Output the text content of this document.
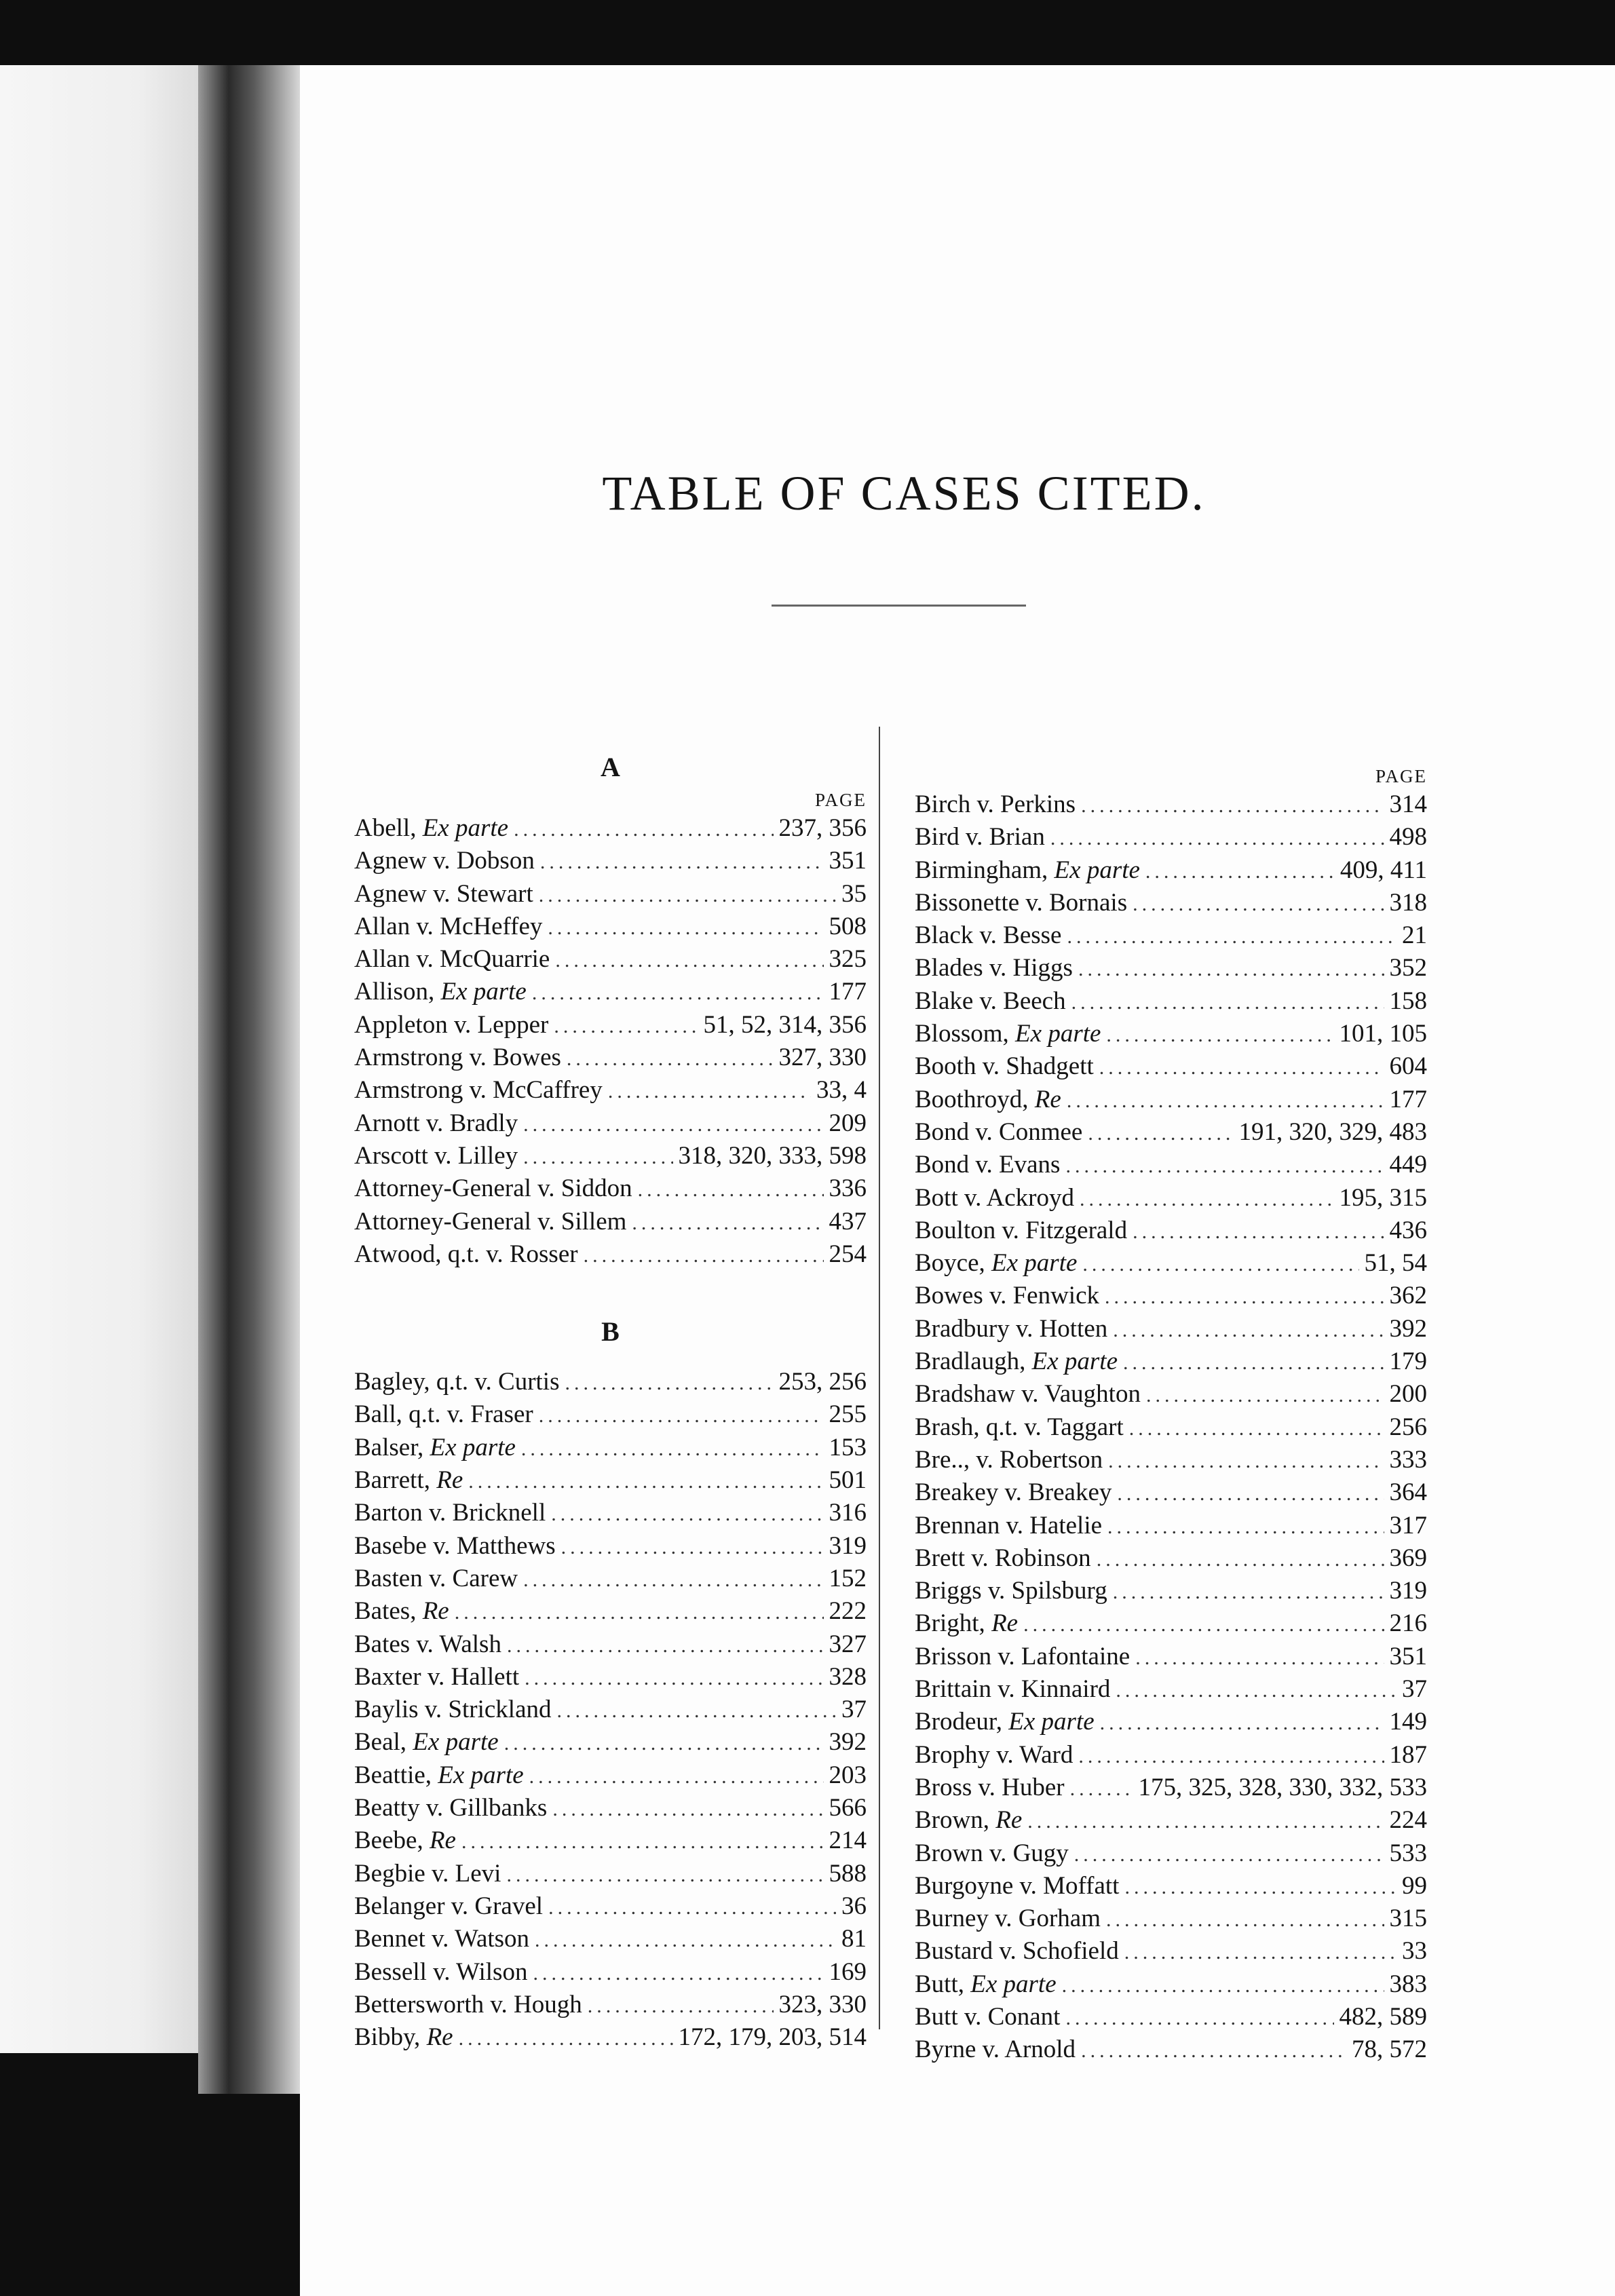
TABLE OF CASES CITED.
A
PAGE
Abell, Ex parte .....	237, 356
Agnew v. Dobson .....	351
Agnew v. Stewart .....	35
Allan v. McHeffey .....	508
Allan v. McQuarrie .....	325
Allison, Ex parte .....	177
Appleton v. Lepper .....	51, 52, 314, 356
Armstrong v. Bowes .....	327, 330
Armstrong v. McCaffrey .....	33, 4
Arnott v. Bradly .....	209
Arscott v. Lilley .....	318, 320, 333, 598
Attorney-General v. Siddon .....	336
Attorney-General v. Sillem .....	437
Atwood, q.t. v. Rosser .....	254
B
Bagley, q.t. v. Curtis .....	253, 256
Ball, q.t. v. Fraser .....	255
Balser, Ex parte .....	153
Barrett, Re .....	501
Barton v. Bricknell .....	316
Basebe v. Matthews .....	319
Basten v. Carew .....	152
Bates, Re .....	222
Bates v. Walsh .....	327
Baxter v. Hallett .....	328
Baylis v. Strickland .....	37
Beal, Ex parte .....	392
Beattie, Ex parte .....	203
Beatty v. Gillbanks .....	566
Beebe, Re .....	214
Begbie v. Levi .....	588
Belanger v. Gravel .....	36
Bennet v. Watson .....	81
Bessell v. Wilson .....	169
Bettersworth v. Hough .....	323, 330
Bibby, Re .....	172, 179, 203, 514
PAGE
Birch v. Perkins .....	314
Bird v. Brian .....	498
Birmingham, Ex parte .....	409, 411
Bissonette v. Bornais .....	318
Black v. Besse .....	21
Blades v. Higgs .....	352
Blake v. Beech .....	158
Blossom, Ex parte .....	101, 105
Booth v. Shadgett .....	604
Boothroyd, Re .....	177
Bond v. Conmee .....	191, 320, 329, 483
Bond v. Evans .....	449
Bott v. Ackroyd .....	195, 315
Boulton v. Fitzgerald .....	436
Boyce, Ex parte .....	51, 54
Bowes v. Fenwick .....	362
Bradbury v. Hotten .....	392
Bradlaugh, Ex parte .....	179
Bradshaw v. Vaughton .....	200
Brash, q.t. v. Taggart .....	256
Bre.., v. Robertson .....	333
Breakey v. Breakey .....	364
Brennan v. Hatelie .....	317
Brett v. Robinson .....	369
Briggs v. Spilsburg .....	319
Bright, Re .....	216
Brisson v. Lafontaine .....	351
Brittain v. Kinnaird .....	37
Brodeur, Ex parte .....	149
Brophy v. Ward .....	187
Bross v. Huber .....	175, 325, 328, 330, 332, 533
Brown, Re .....	224
Brown v. Gugy .....	533
Burgoyne v. Moffatt .....	99
Burney v. Gorham .....	315
Bustard v. Schofield .....	33
Butt, Ex parte .....	383
Butt v. Conant .....	482, 589
Byrne v. Arnold .....	78, 572
